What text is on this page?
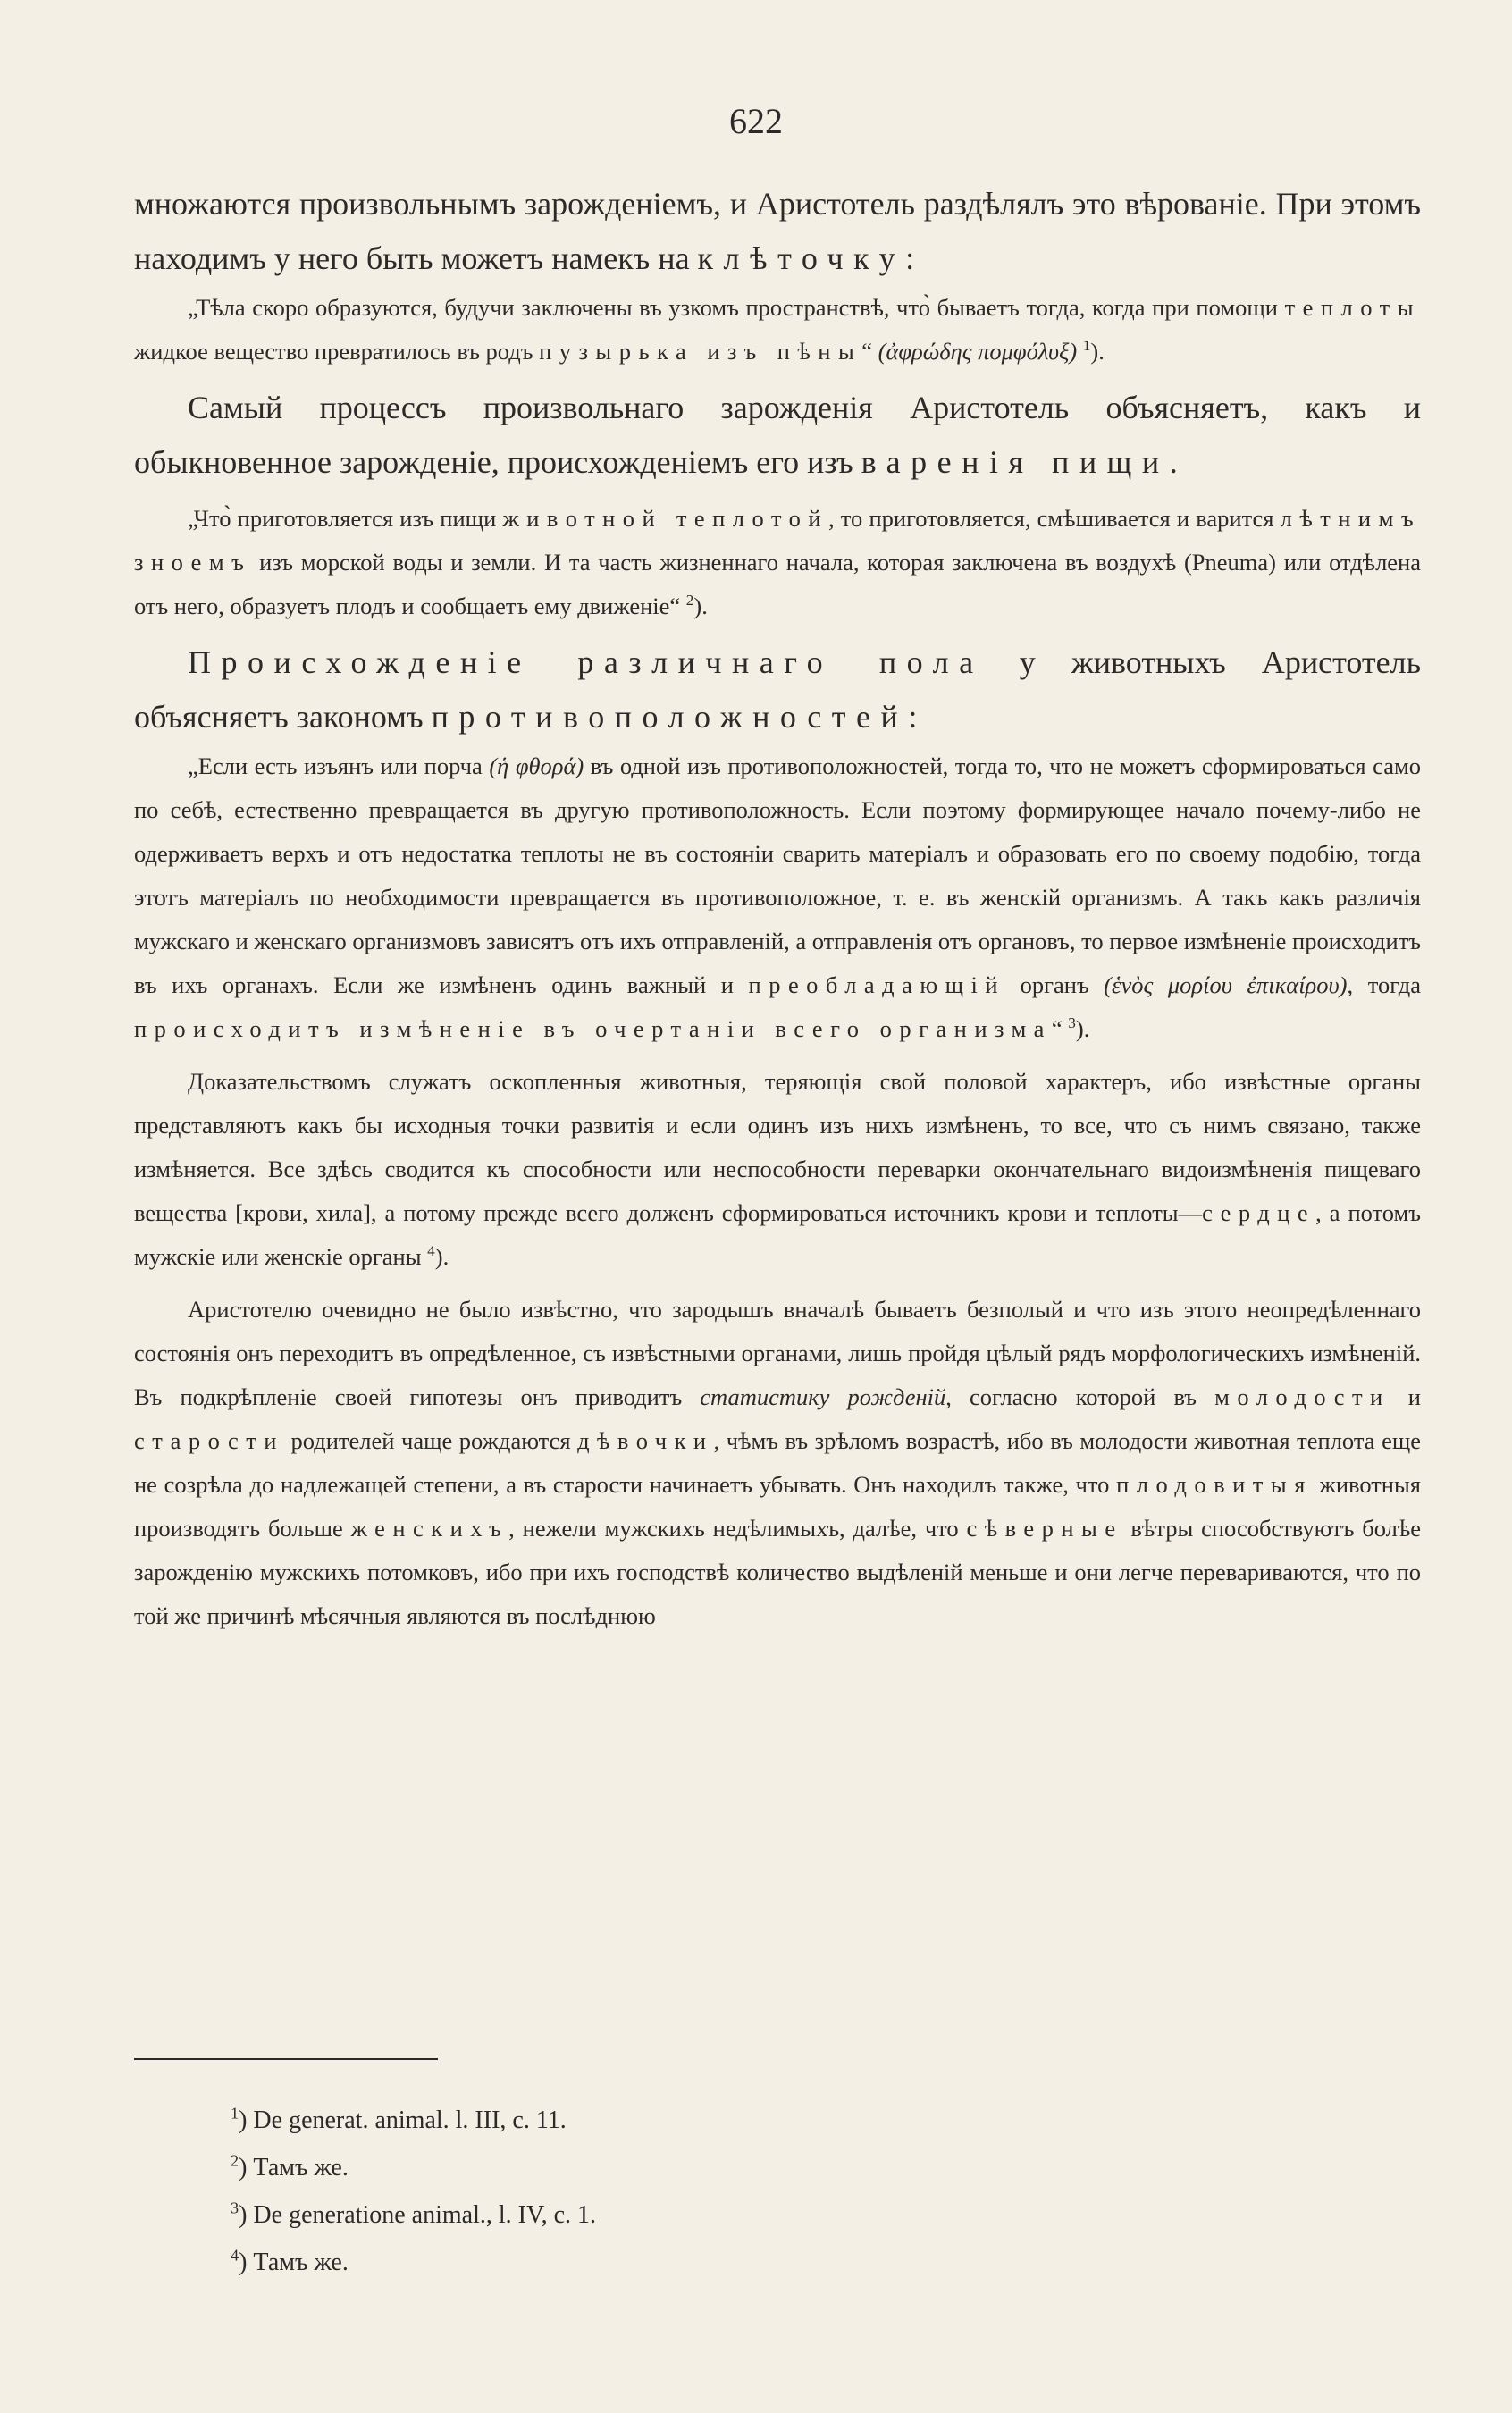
622

множаются произвольнымъ зарожденіемъ, и Аристотель раздѣлялъ это вѣрованіе. При этомъ находимъ у него быть можетъ намекъ на клѣточку:

„Тѣла скоро образуются, будучи заключены въ узкомъ пространствѣ, что̀ бываетъ тогда, когда при помощи теплоты жидкое вещество превратилось въ родъ пузырька изъ пѣны“ (ἀφρώδης πομφόλυξ) $^1$).

Самый процессъ произвольнаго зарожденія Аристотель объясняетъ, какъ и обыкновенное зарожденіе, происхожденіемъ его изъ варенія пищи.

„Что̀ приготовляется изъ пищи животной теплотой, то приготовляется, смѣшивается и варится лѣтнимъ зноемъ изъ морской воды и земли. И та часть жизненнаго начала, которая заключена въ воздухѣ (Pneuma) или отдѣлена отъ него, образуетъ плодъ и сообщаетъ ему движеніе“ $^2$).

Происхожденіе различнаго пола у животныхъ Аристотель объясняетъ закономъ противоположностей:

„Если есть изъянъ или порча (ἡ φθορά) въ одной изъ противоположностей, тогда то, что не можетъ сформироваться само по себѣ, естественно превращается въ другую противоположность. Если поэтому формирующее начало почему-либо не одерживаетъ верхъ и отъ недостатка теплоты не въ состояніи сварить матеріалъ и образовать его по своему подобію, тогда этотъ матеріалъ по необходимости превращается въ противоположное, т. е. въ женскій организмъ. А такъ какъ различія мужскаго и женскаго организмовъ зависятъ отъ ихъ отправленій, а отправленія отъ органовъ, то первое измѣненіе происходитъ въ ихъ органахъ. Если же измѣненъ одинъ важный и преобладающій органъ (ἑνὸς μορίου ἐπικαίρου), тогда происходитъ измѣненіе въ очертаніи всего организма“ $^3$).

Доказательствомъ служатъ оскопленныя животныя, теряющія свой половой характеръ, ибо извѣстные органы представляютъ какъ бы исходныя точки развитія и если одинъ изъ нихъ измѣненъ, то все, что съ нимъ связано, также измѣняется. Все здѣсь сводится къ способности или неспособности переварки окончательнаго видоизмѣненія пищеваго вещества [крови, хила], а потому прежде всего долженъ сформироваться источникъ крови и теплоты—сердце, а потомъ мужскіе или женскіе органы $^4$).

Аристотелю очевидно не было извѣстно, что зародышъ вначалѣ бываетъ безполый и что изъ этого неопредѣленнаго состоянія онъ переходитъ въ опредѣленное, съ извѣстными органами, лишь пройдя цѣлый рядъ морфологическихъ измѣненій. Въ подкрѣпленіе своей гипотезы онъ приводитъ статистику рожденій, согласно которой въ молодости и старости родителей чаще рождаются дѣвочки, чѣмъ въ зрѣломъ возрастѣ, ибо въ молодости животная теплота еще не созрѣла до надлежащей степени, а въ старости начинаетъ убывать. Онъ находилъ также, что плодовитыя животныя производятъ больше женскихъ, нежели мужскихъ недѣлимыхъ, далѣе, что сѣверные вѣтры способствуютъ болѣе зарожденію мужскихъ потомковъ, ибо при ихъ господствѣ количество выдѣленій меньше и они легче перевариваются, что по той же причинѣ мѣсячныя являются въ послѣднюю

$^1$) De generat. animal. l. III, c. 11.

$^2$) Тамъ же.

$^3$) De generatione animal., l. IV, c. 1.

$^4$) Тамъ же.
